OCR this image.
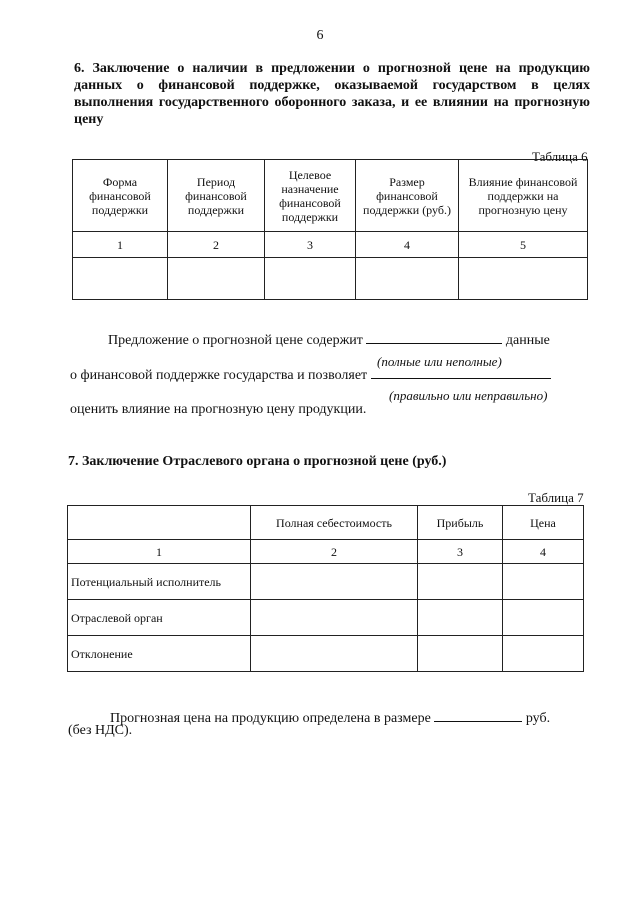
6
6. Заключение о наличии в предложении о прогнозной цене на продукцию данных о финансовой поддержке, оказываемой государством в целях выполнения государственного оборонного заказа, и ее влиянии на прогнозную цену
Таблица 6
Форма финансовой поддержки	Период финансовой поддержки	Целевое назначение финансовой поддержки	Размер финансовой поддержки (руб.)	Влияние финансовой поддержки на прогнозную цену
1	2	3	4	5

Предложение о прогнозной цене содержит	данные
(полные или неполные)
о финансовой поддержке государства и позволяет
(правильно или неправильно)
оценить влияние на прогнозную цену продукции.
7. Заключение Отраслевого органа о прогнозной цене (руб.)
Таблица 7
	Полная себестоимость	Прибыль	Цена
1	2	3	4
Потенциальный исполнитель			
Отраслевой орган			
Отклонение			
Прогнозная цена на продукцию определена в размере	руб.
(без НДС).
